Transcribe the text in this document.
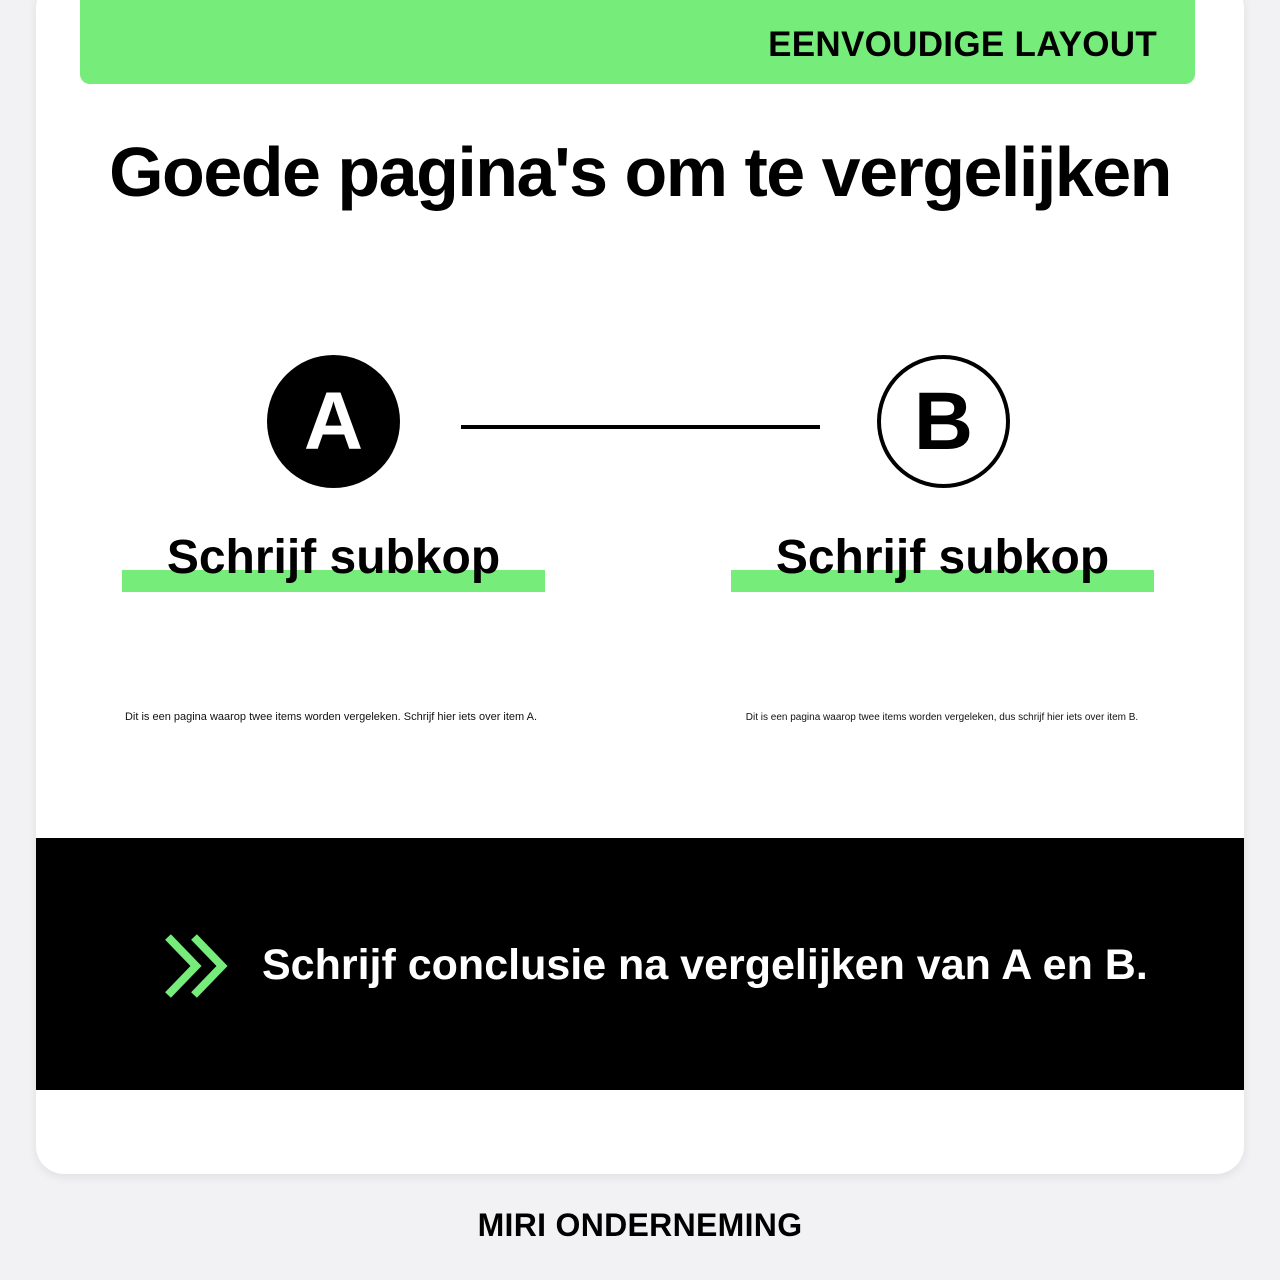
EENVOUDIGE LAYOUT
Goede pagina's om te vergelijken
A	B
Schrijf subkop	Schrijf subkop
Dit is een pagina waarop twee items worden vergeleken. Schrijf hier iets over item A.	Dit is een pagina waarop twee items worden vergeleken, dus schrijf hier iets over item B.
Schrijf conclusie na vergelijken van A en B.
MIRI ONDERNEMING
